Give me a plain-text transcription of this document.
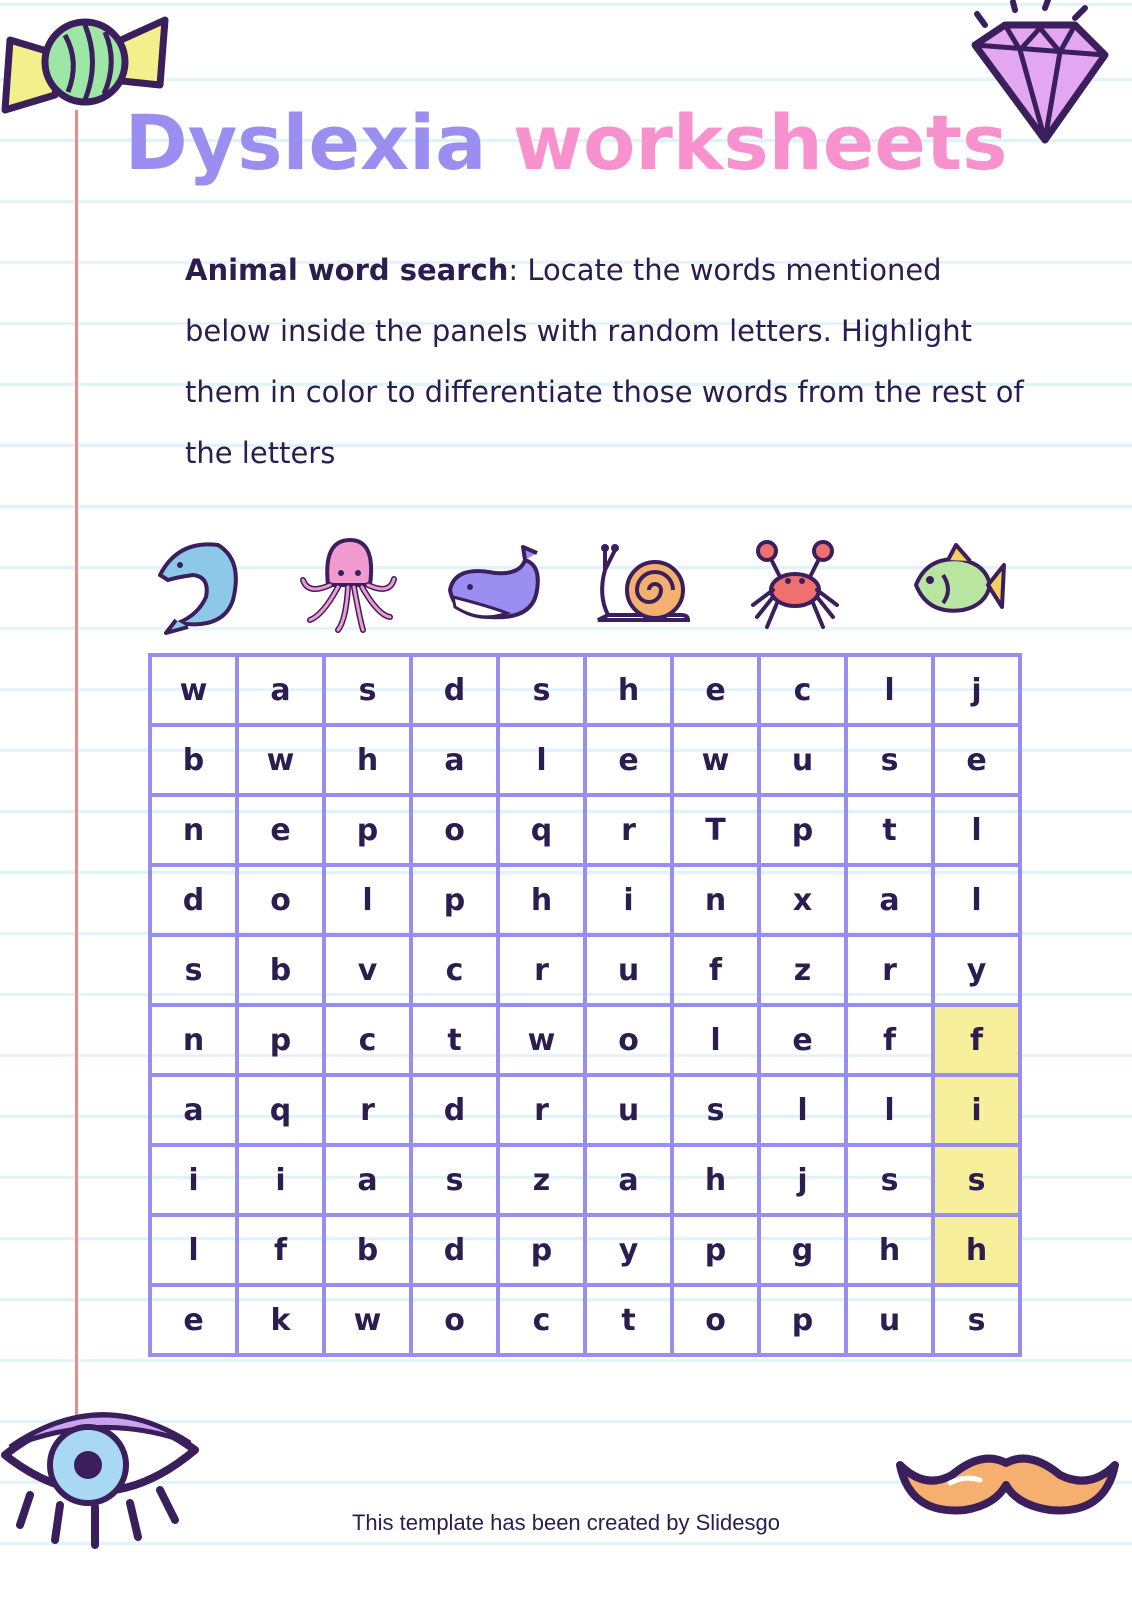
Dyslexia worksheets

Animal word search: Locate the words mentioned below inside the panels with random letters. Highlight them in color to differentiate those words from the rest of the letters

w	a	s	d	s	h	e	c	l	j
b	w	h	a	l	e	w	u	s	e
n	e	p	o	q	r	T	p	t	l
d	o	l	p	h	i	n	x	a	l
s	b	v	c	r	u	f	z	r	y
n	p	c	t	w	o	l	e	f	f
a	q	r	d	r	u	s	l	l	i
i	i	a	s	z	a	h	j	s	s
l	f	b	d	p	y	p	g	h	h
e	k	w	o	c	t	o	p	u	s
This template has been created by Slidesgo
